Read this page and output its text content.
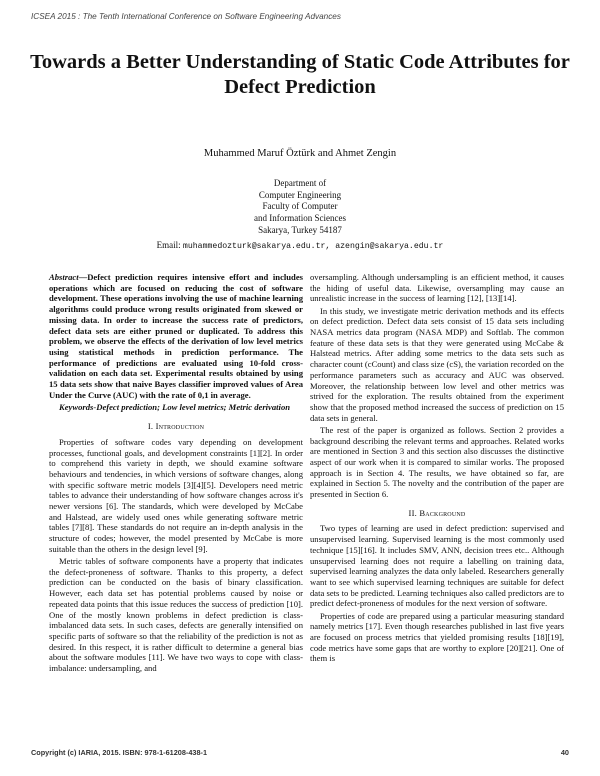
ICSEA 2015 : The Tenth International Conference on Software Engineering Advances
Towards a Better Understanding of Static Code Attributes for Defect Prediction
Muhammed Maruf Öztürk and Ahmet Zengin
Department of
Computer Engineering
Faculty of Computer
and Information Sciences
Sakarya, Turkey 54187
Email: muhammedozturk@sakarya.edu.tr, azengin@sakarya.edu.tr

Abstract—Defect prediction requires intensive effort and includes operations which are focused on reducing the cost of software development. These operations involving the use of machine learning algorithms could produce wrong results originated from skewed or missing data. In order to increase the success rate of predictors, defect data sets are either pruned or duplicated. To address this problem, we observe the effects of the derivation of low level metrics using statistical methods in prediction performance. The performance of predictions are evaluated using 10-fold cross-validation on each data set. Experimental results obtained by using 15 data sets show that naive Bayes classifier improved values of Area Under the Curve (AUC) with the rate of 0,1 in average.

Keywords-Defect prediction; Low level metrics; Metric derivation

I. Introduction

Properties of software codes vary depending on development processes, functional goals, and development constraints [1][2]. In order to comprehend this variety in depth, we should examine software behaviours and tendencies, in which versions of software changes, along with specific software metric models [3][4][5]. Developers need metric tables to advance their understanding of how software changes across it's newer versions [6]. The standards, which were developed by McCabe and Halstead, are widely used ones while generating software metric tables [7][8]. These standards do not require an in-depth analysis in the structure of codes; however, the model presented by McCabe is more suitable than the others in the design level [9].

Metric tables of software components have a property that indicates the defect-proneness of software. Thanks to this property, a defect prediction can be conducted on the basis of binary classification. However, each data set has potential problems caused by noise or repeated data points that this issue reduces the success of prediction [10]. One of the mostly known problems in defect prediction is class-imbalanced data sets. In such cases, defects are generally intensified on specific parts of software so that the reliability of the prediction is not as desired. In this respect, it is rather difficult to determine a general bias about the software modules [11]. We have two ways to cope with class-imbalance: undersampling, and

oversampling. Although undersampling is an efficient method, it causes the hiding of useful data. Likewise, oversampling may cause an unrealistic increase in the success of learning [12], [13][14].

In this study, we investigate metric derivation methods and its effects on defect prediction. Defect data sets consist of 15 data sets including NASA metrics data program (NASA MDP) and Softlab. The common feature of these data sets is that they were generated using McCabe & Halstead metrics. After adding some metrics to the data sets such as character count (cCount) and class size (cS), the variation recorded on the performance parameters such as accuracy and AUC was observed. Moreover, the relationship between low level and other metrics was strived for the exploration. The results obtained from the experiment show that the proposed method increased the success of prediction on 15 data sets in general.

The rest of the paper is organized as follows. Section 2 provides a background describing the relevant terms and approaches. Related works are mentioned in Section 3 and this section also discusses the distinctive aspect of our work when it is compared to similar works. The proposed approach is in Section 4. The results, we have obtained so far, are explained in Section 5. The novelty and the contribution of the paper are presented in Section 6.

II. Background

Two types of learning are used in defect prediction: supervised and unsupervised learning. Supervised learning is the most commonly used technique [15][16]. It includes SMV, ANN, decision trees etc.. Although unsupervised learning does not require a labelling on training data, supervised learning analyzes the data only labeled. Researchers generally want to see which supervised learning techniques are suitable for defect data sets to be predicted. Learning techniques also called predictors are to predict defect-proneness of modules for the next version of software.

Properties of code are prepared using a particular measuring standard namely metrics [17]. Even though researches published in last five years are focused on process metrics that yielded promising results [18][19], code metrics have some gaps that are worthy to explore [20][21]. One of them is

Copyright (c) IARIA, 2015. ISBN: 978-1-61208-438-1	40
